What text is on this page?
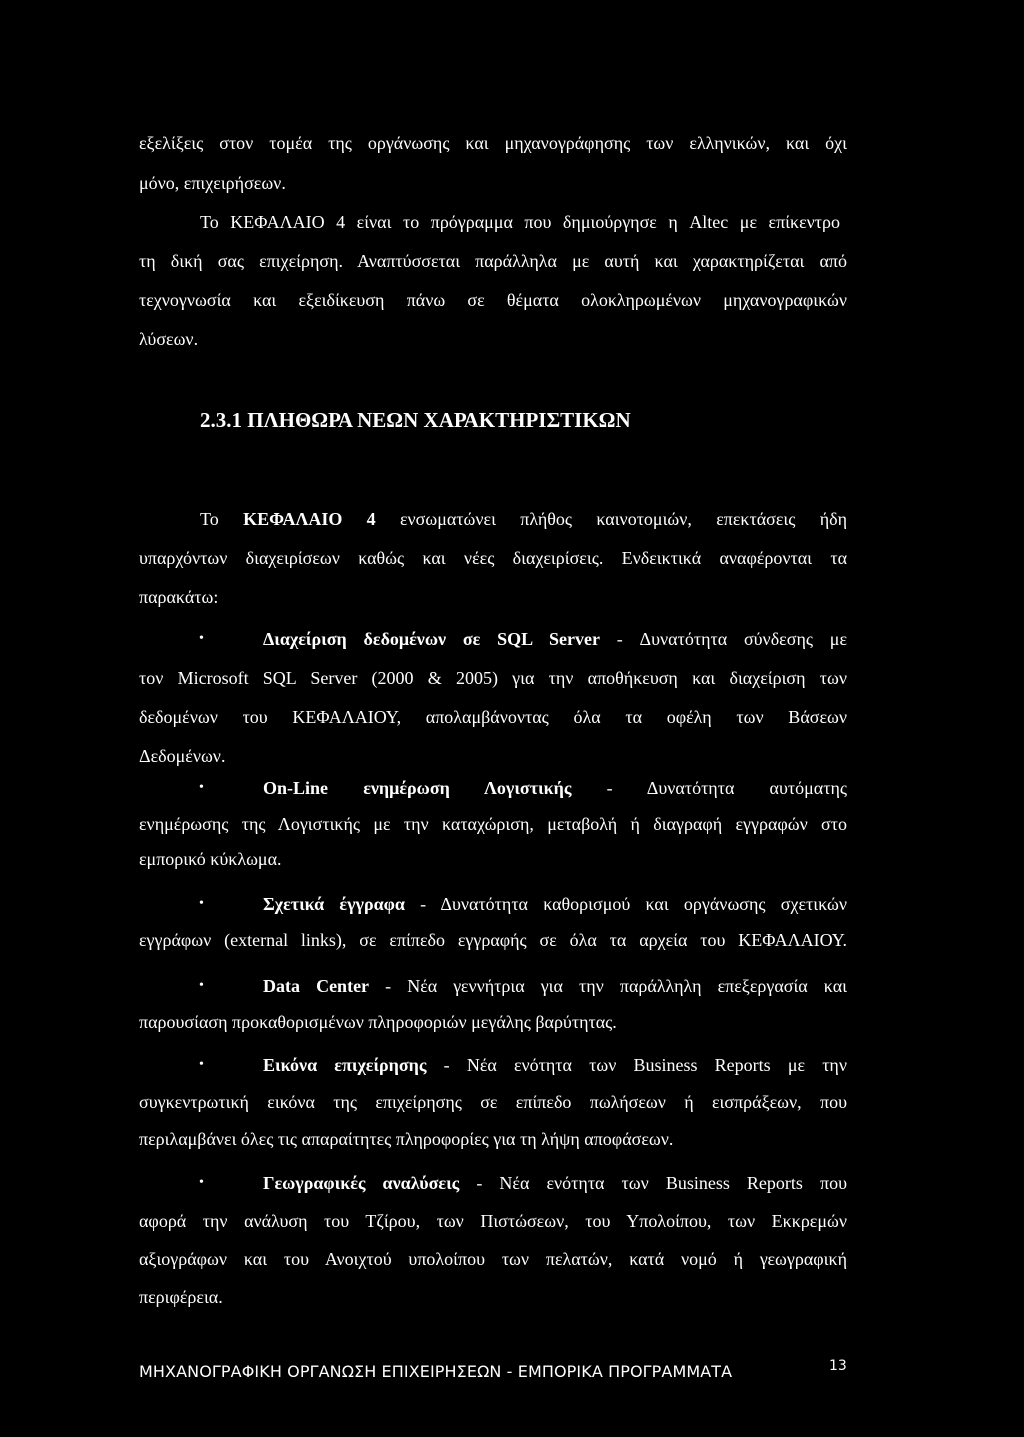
εξελίξεις στον τομέα της οργάνωσης και μηχανογράφησης των ελληνικών, και όχι
μόνο, επιχειρήσεων.
Το ΚΕΦΑΛΑΙΟ 4 είναι το πρόγραμμα που δημιούργησε η Altec με επίκεντρο
τη δική σας επιχείρηση. Αναπτύσσεται παράλληλα με αυτή και χαρακτηρίζεται από
τεχνογνωσία και εξειδίκευση πάνω σε θέματα ολοκληρωμένων μηχανογραφικών
λύσεων.
2.3.1 ΠΛΗΘΩΡΑ ΝΕΩΝ ΧΑΡΑΚΤΗΡΙΣΤΙΚΩΝ
Το ΚΕΦΑΛΑΙΟ 4 ενσωματώνει πλήθος καινοτομιών, επεκτάσεις ήδη
υπαρχόντων διαχειρίσεων καθώς και νέες διαχειρίσεις. Ενδεικτικά αναφέρονται τα
παρακάτω:
•	Διαχείριση δεδομένων σε SQL Server - Δυνατότητα σύνδεσης με
τον Microsoft SQL Server (2000 & 2005) για την αποθήκευση και διαχείριση των
δεδομένων του ΚΕΦΑΛΑΙΟΥ, απολαμβάνοντας όλα τα οφέλη των Βάσεων
Δεδομένων.
•	On-Line ενημέρωση Λογιστικής - Δυνατότητα αυτόματης
ενημέρωσης της Λογιστικής με την καταχώριση, μεταβολή ή διαγραφή εγγραφών στο
εμπορικό κύκλωμα.
•	Σχετικά έγγραφα - Δυνατότητα καθορισμού και οργάνωσης σχετικών
εγγράφων (external links), σε επίπεδο εγγραφής σε όλα τα αρχεία του ΚΕΦΑΛΑΙΟΥ.
•	Data Center - Νέα γεννήτρια για την παράλληλη επεξεργασία και
παρουσίαση προκαθορισμένων πληροφοριών μεγάλης βαρύτητας.
•	Εικόνα επιχείρησης - Νέα ενότητα των Business Reports με την
συγκεντρωτική εικόνα της επιχείρησης σε επίπεδο πωλήσεων ή εισπράξεων, που
περιλαμβάνει όλες τις απαραίτητες πληροφορίες για τη λήψη αποφάσεων.
•	Γεωγραφικές αναλύσεις - Νέα ενότητα των Business Reports που
αφορά την ανάλυση του Τζίρου, των Πιστώσεων, του Υπολοίπου, των Εκκρεμών
αξιογράφων και του Ανοιχτού υπολοίπου των πελατών, κατά νομό ή γεωγραφική
περιφέρεια.
ΜΗΧΑΝΟΓΡΑΦΙΚΗ ΟΡΓΑΝΩΣΗ ΕΠΙΧΕΙΡΗΣΕΩΝ - ΕΜΠΟΡΙΚΑ ΠΡΟΓΡΑΜΜΑΤΑ	13
